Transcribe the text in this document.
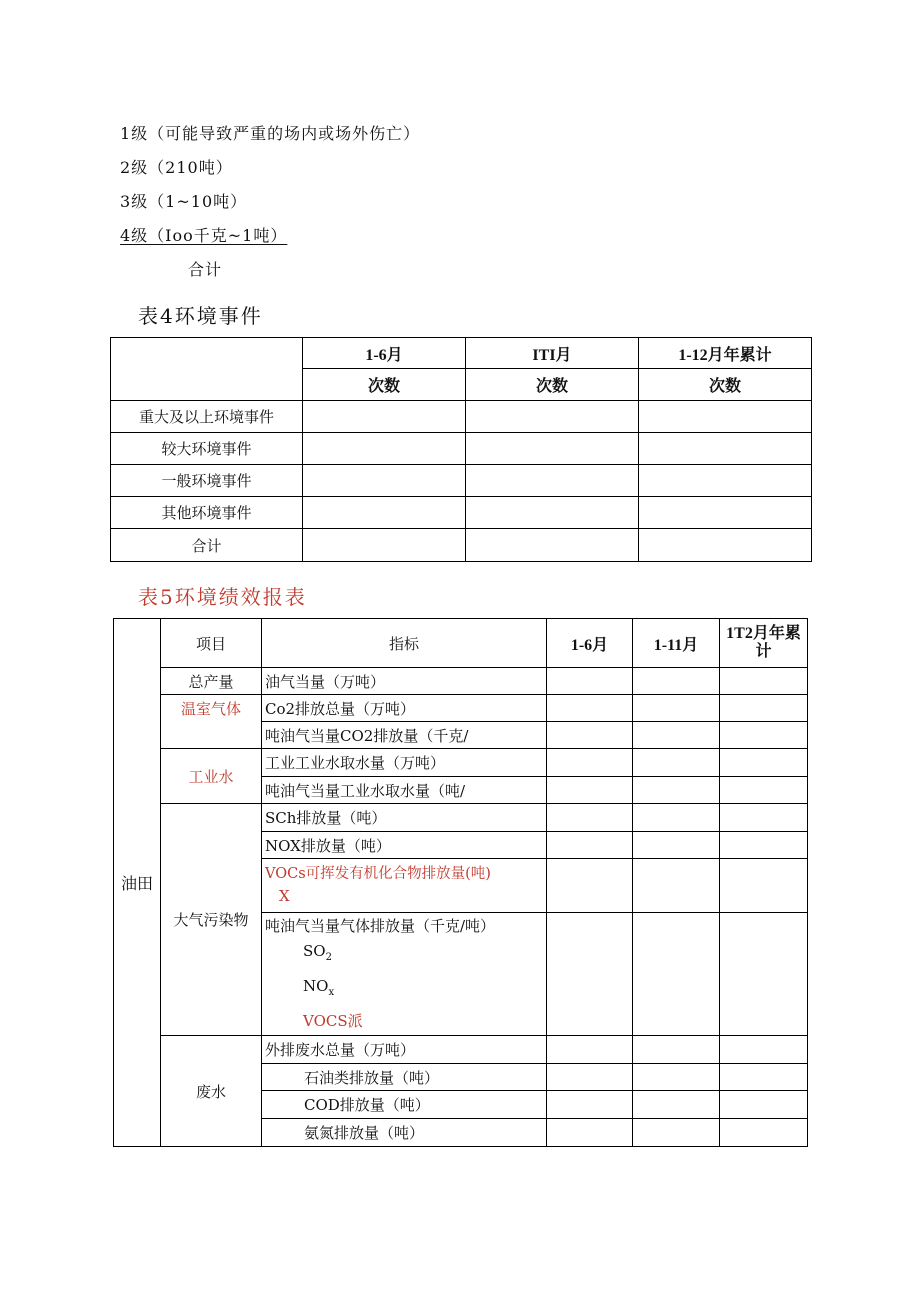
1级（可能导致严重的场内或场外伤亡）
2级（210吨）
3级（1~10吨）
4级（Ioo千克~1吨）
合计
表4环境事件
	1-6月	ITI月	1-12月年累计
	次数	次数	次数
重大及以上环境事件			
较大环境事件			
一般环境事件			
其他环境事件			
合计			
表5环境绩效报表
油田	项目	指标	1-6月	1-11月	1T2月年累计
	总产量	油气当量（万吨）			
	温室气体	Co2排放总量（万吨）			
		吨油气当量CO2排放量（千克/			
	工业水	工业工业水取水量（万吨）			
		吨油气当量工业水取水量（吨/			
	大气污染物	SCh排放量（吨）			
		NOX排放量（吨）			

		VOCs可挥发有机化合物排放量(吨)
X			

		吨油气当量气体排放量（千克/吨）
$SO_2$
$NO_x$
VOCS派			

	废水	外排废水总量（万吨）			
		石油类排放量（吨）			
		COD排放量（吨）			
		氨氮排放量（吨）			
